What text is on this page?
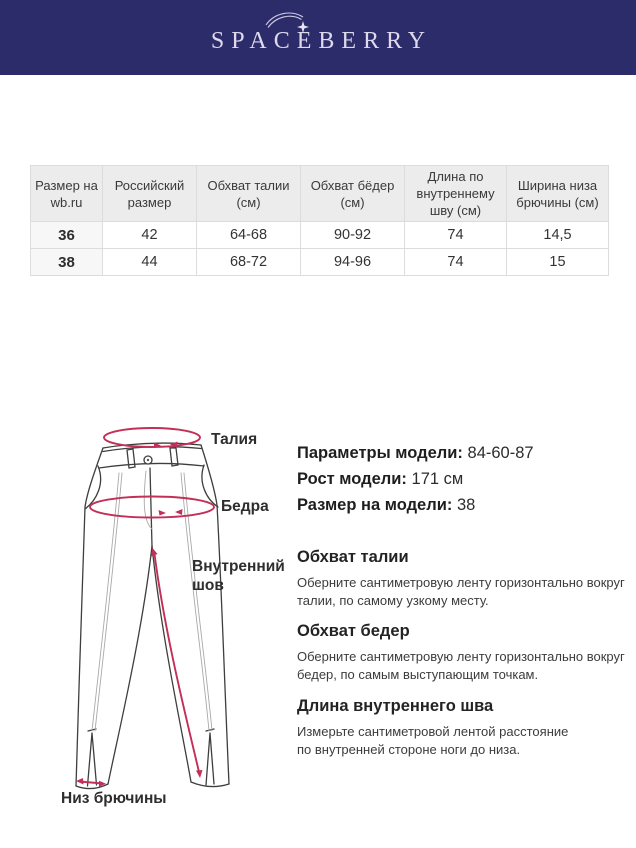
SPACEBERRY
Размер на wb.ru	Российский размер	Обхват талии (см)	Обхват бёдер (см)	Длина по внутреннему шву (см)	Ширина низа брючины (см)
36	42	64-68	90-92	74	14,5
38	44	68-72	94-96	74	15
Талия
Бедра
Внутренний шов
Низ брючины
Параметры модели: 84-60-87
Рост модели: 171 см
Размер на модели: 38
Обхват талии
Оберните сантиметровую ленту горизонтально вокруг
талии, по самому узкому месту.
Обхват бедер
Оберните сантиметровую ленту горизонтально вокруг
бедер, по самым выступающим точкам.
Длина внутреннего шва
Измерьте сантиметровой лентой расстояние
по внутренней стороне ноги до низа.
